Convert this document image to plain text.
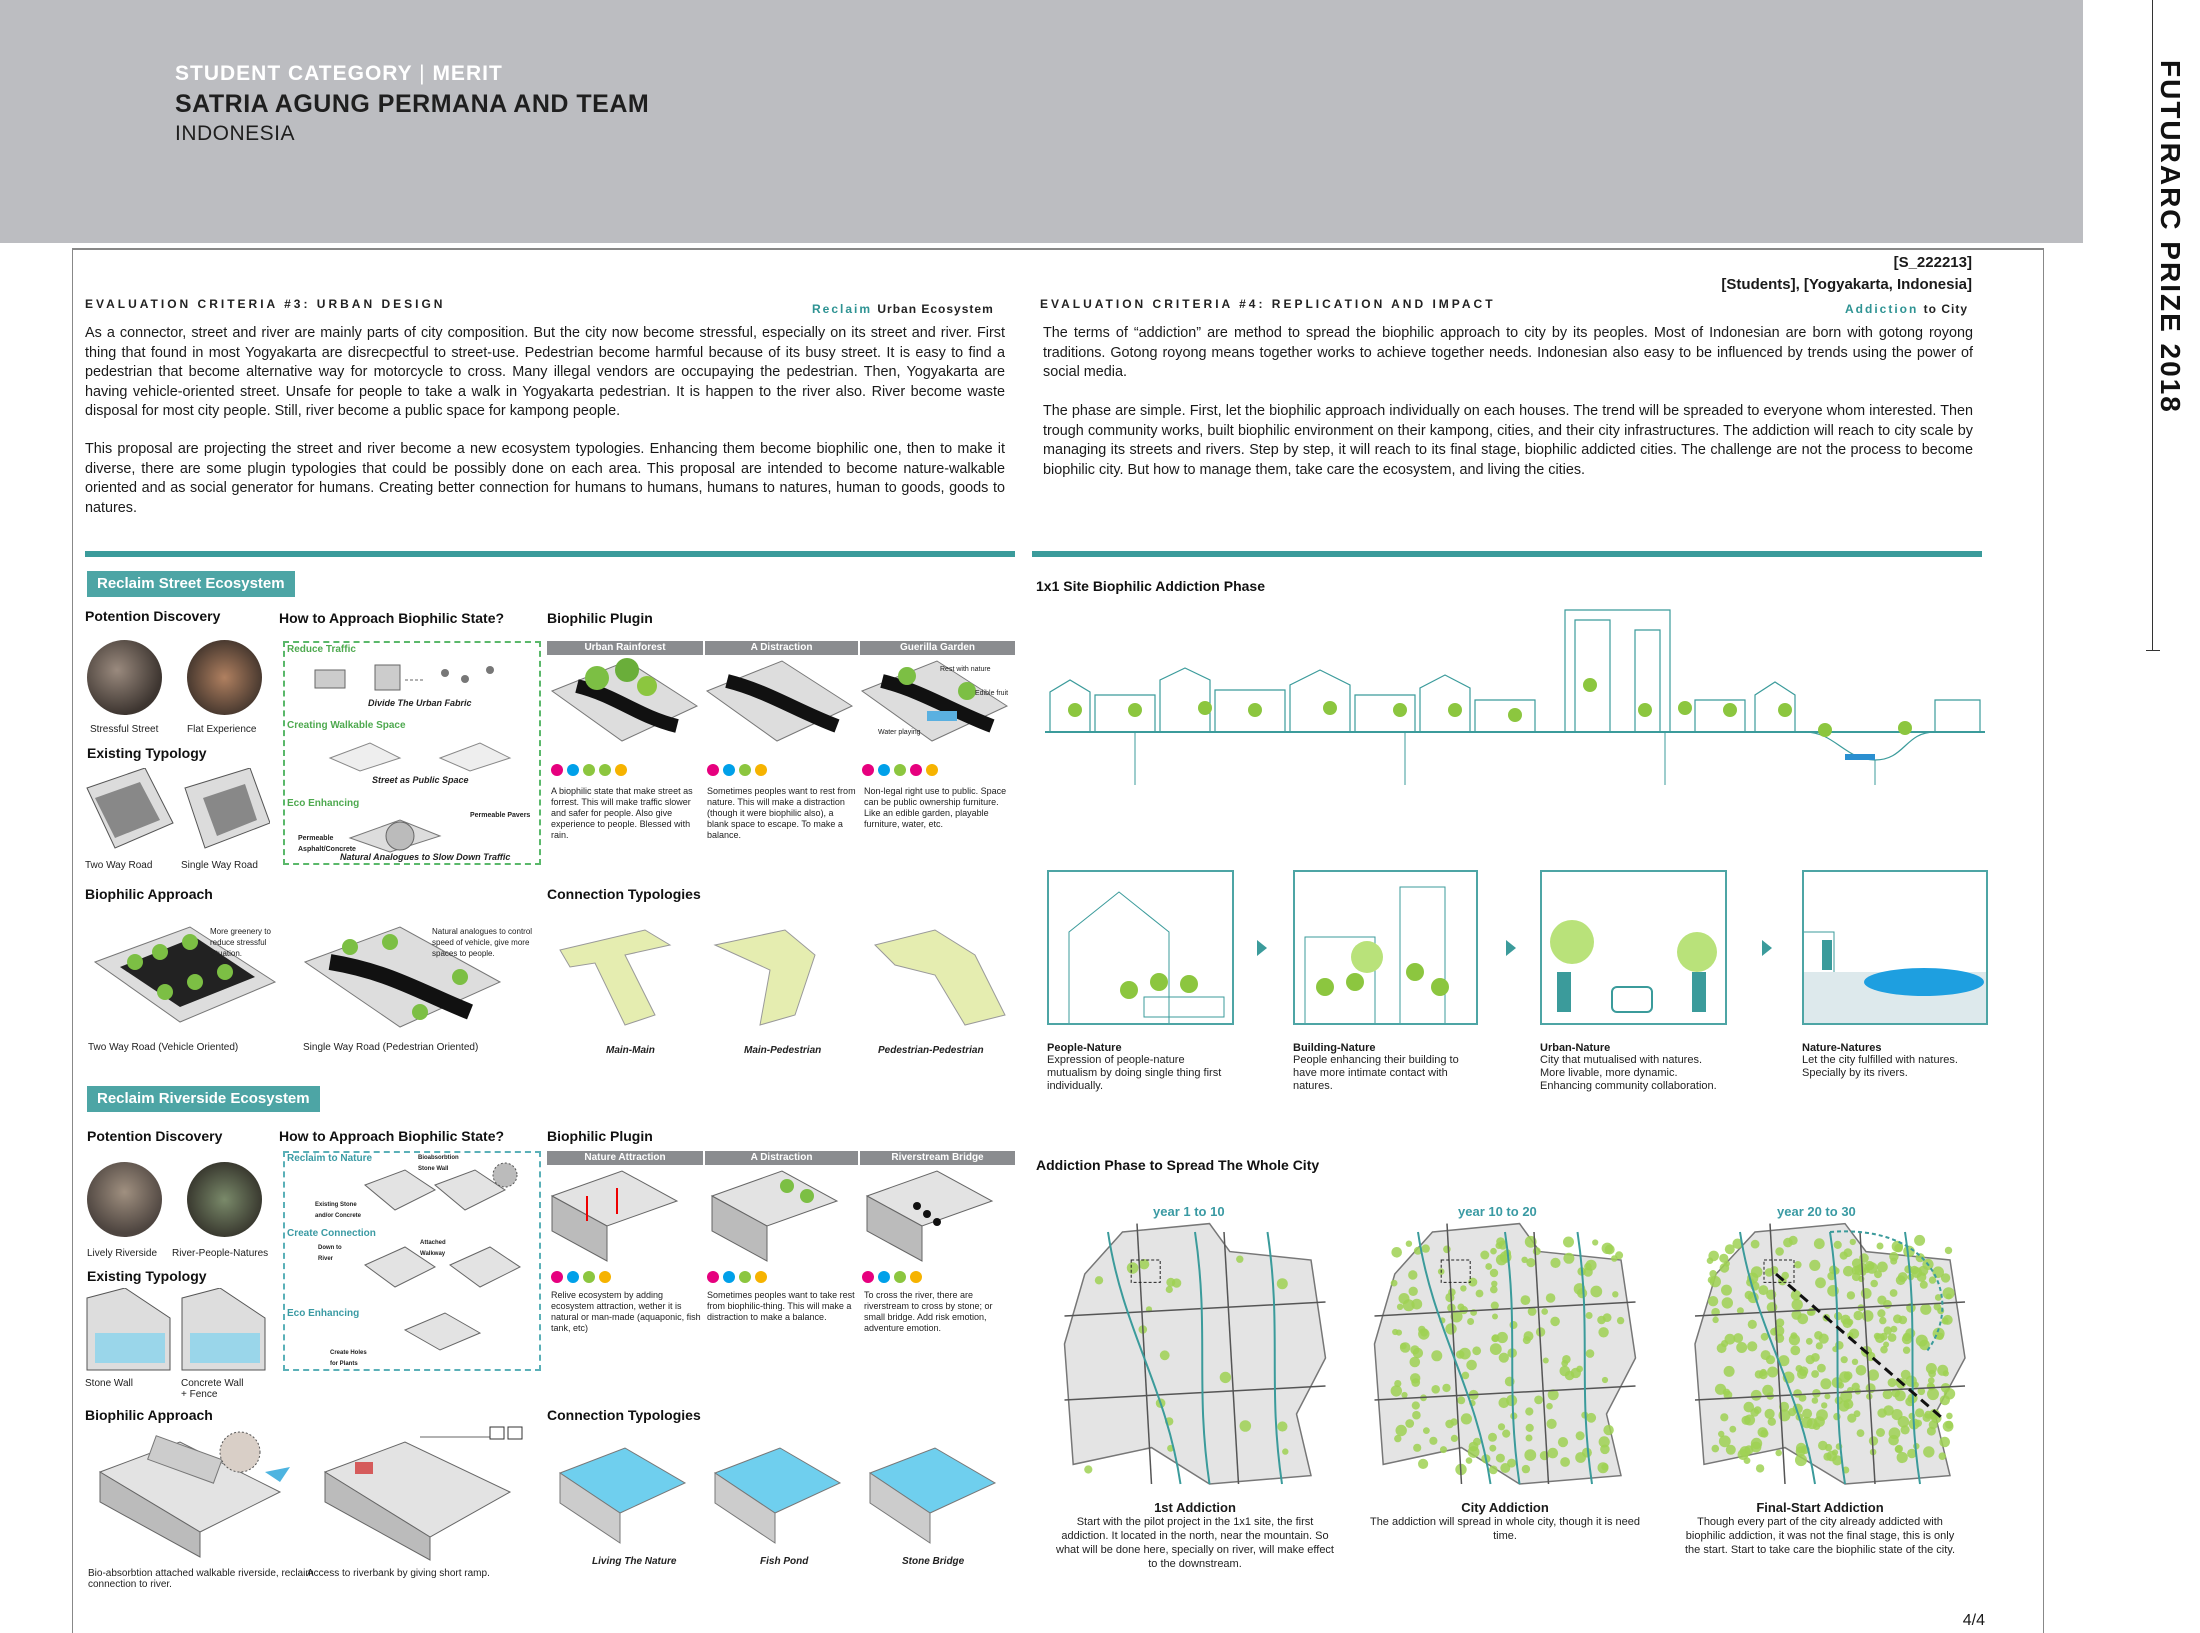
STUDENT CATEGORY | MERIT
SATRIA AGUNG PERMANA AND TEAM
INDONESIA	FUTURARC PRIZE 2018
[S_222213]
[Students], [Yogyakarta, Indonesia]
EVALUATION CRITERIA #3: URBAN DESIGN	Reclaim Urban Ecosystem
As a connector, street and river are mainly parts of city composition. But the city now become stressful, especially on its street and river. First thing that found in most Yogyakarta are disrecpectful to street-use. Pedestrian become harmful because of its busy street. It is easy to find a pedestrian that become alternative way for motorcycle to cross. Many illegal vendors are occupaying the pedestrian. Then, Yogyakarta are having vehicle-oriented street. Unsafe for people to take a walk in Yogyakarta pedestrian. It is happen to the river also. River become waste disposal for most city people. Still, river become a public space for kampong people.
This proposal are projecting the street and river become a new ecosystem typologies. Enhancing them become biophilic one, then to make it diverse, there are some plugin typologies that could be possibly done on each area. This proposal are intended to become nature-walkable oriented and as social generator for humans. Creating better connection for humans to humans, humans to natures, human to goods, goods to natures.
EVALUATION CRITERIA #4: REPLICATION AND IMPACT	Addiction to City
The terms of “addiction” are method to spread the biophilic approach to city by its peoples. Most of Indonesian are born with gotong royong traditions. Gotong royong means together works to achieve together needs. Indonesian also easy to be influenced by trends using the power of social media.
The phase are simple. First, let the biophilic approach individually on each houses. The trend will be spreaded to everyone whom interested. Then trough community works, built biophilic environment on their kampong, cities, and their city infrastructures. The addiction will reach to city scale by managing its streets and rivers. Step by step, it will reach to its final stage, biophilic addicted cities. The challenge are not the process to become biophilic city. But how to manage them, take care the ecosystem, and living the cities.
Reclaim Street Ecosystem
Potention Discovery
Stressful Street	Flat Experience
Existing Typology
Two Way Road	Single Way Road
How to Approach Biophilic State?
Reduce Traffic
Divide The Urban Fabric
Creating Walkable Space
Street as Public Space
Eco Enhancing
Permeable Pavers
Permeable Asphalt/Concrete
Natural Analogues to Slow Down Traffic
Biophilic Plugin
Urban Rainforest	A Distraction	Guerilla Garden
Rest with nature
Edible fruit
Water playing
A biophilic state that make street as forrest. This will make traffic slower and safer for people. Also give experience to people. Blessed with rain.
Sometimes peoples want to rest from nature. This will make a distraction (though it were biophilic also), a blank space to escape. To make a balance.
Non-legal right use to public. Space can be public ownership furniture. Like an edible garden, playable furniture, water, etc.
Biophilic Approach
More greenery to reduce stressful situation.
Natural analogues to control speed of vehicle, give more spaces to people.
Two Way Road (Vehicle Oriented)	Single Way Road (Pedestrian Oriented)
Connection Typologies
Main-Main	Main-Pedestrian	Pedestrian-Pedestrian
Reclaim Riverside Ecosystem
Potention Discovery
Lively Riverside River-People-Natures
Existing Typology
Stone Wall	Concrete Wall + Fence
How to Approach Biophilic State?
Reclaim to Nature	Bioabsorbtion Stone Wall
Existing Stone and/or Concrete
Create Connection
Down to River
Attached Walkway
Eco Enhancing
Create Holes for Plants
Biophilic Plugin
Nature Attraction	A Distraction	Riverstream Bridge
Relive ecosystem by adding ecosystem attraction, wether it is natural or man-made (aquaponic, fish tank, etc)
Sometimes peoples want to take rest from biophilic-thing. This will make a distraction to make a balance.
To cross the river, there are riverstream to cross by stone; or small bridge. Add risk emotion, adventure emotion.
Biophilic Approach
Bio-absorbtion attached walkable riverside, reclaim connection to river.
Access to riverbank by giving short ramp.
Connection Typologies
Living The Nature	Fish Pond	Stone Bridge
1x1 Site Biophilic Addiction Phase
People-Nature
Expression of people-nature mutualism by doing single thing first individually.
Building-Nature
People enhancing their building to have more intimate contact with natures.
Urban-Nature
City that mutualised with natures. More livable, more dynamic. Enhancing community collaboration.
Nature-Natures
Let the city fulfilled with natures. Specially by its rivers.
Addiction Phase to Spread The Whole City
year 1 to 10	year 10 to 20	year 20 to 30
1st Addiction
Start with the pilot project in the 1x1 site, the first addiction. It located in the north, near the mountain. So what will be done here, specially on river, will make effect to the downstream.
City Addiction
The addiction will spread in whole city, though it is need time.
Final-Start Addiction
Though every part of the city already addicted with biophilic addiction, it was not the final stage, this is only the start. Start to take care the biophilic state of the city.
4/4
